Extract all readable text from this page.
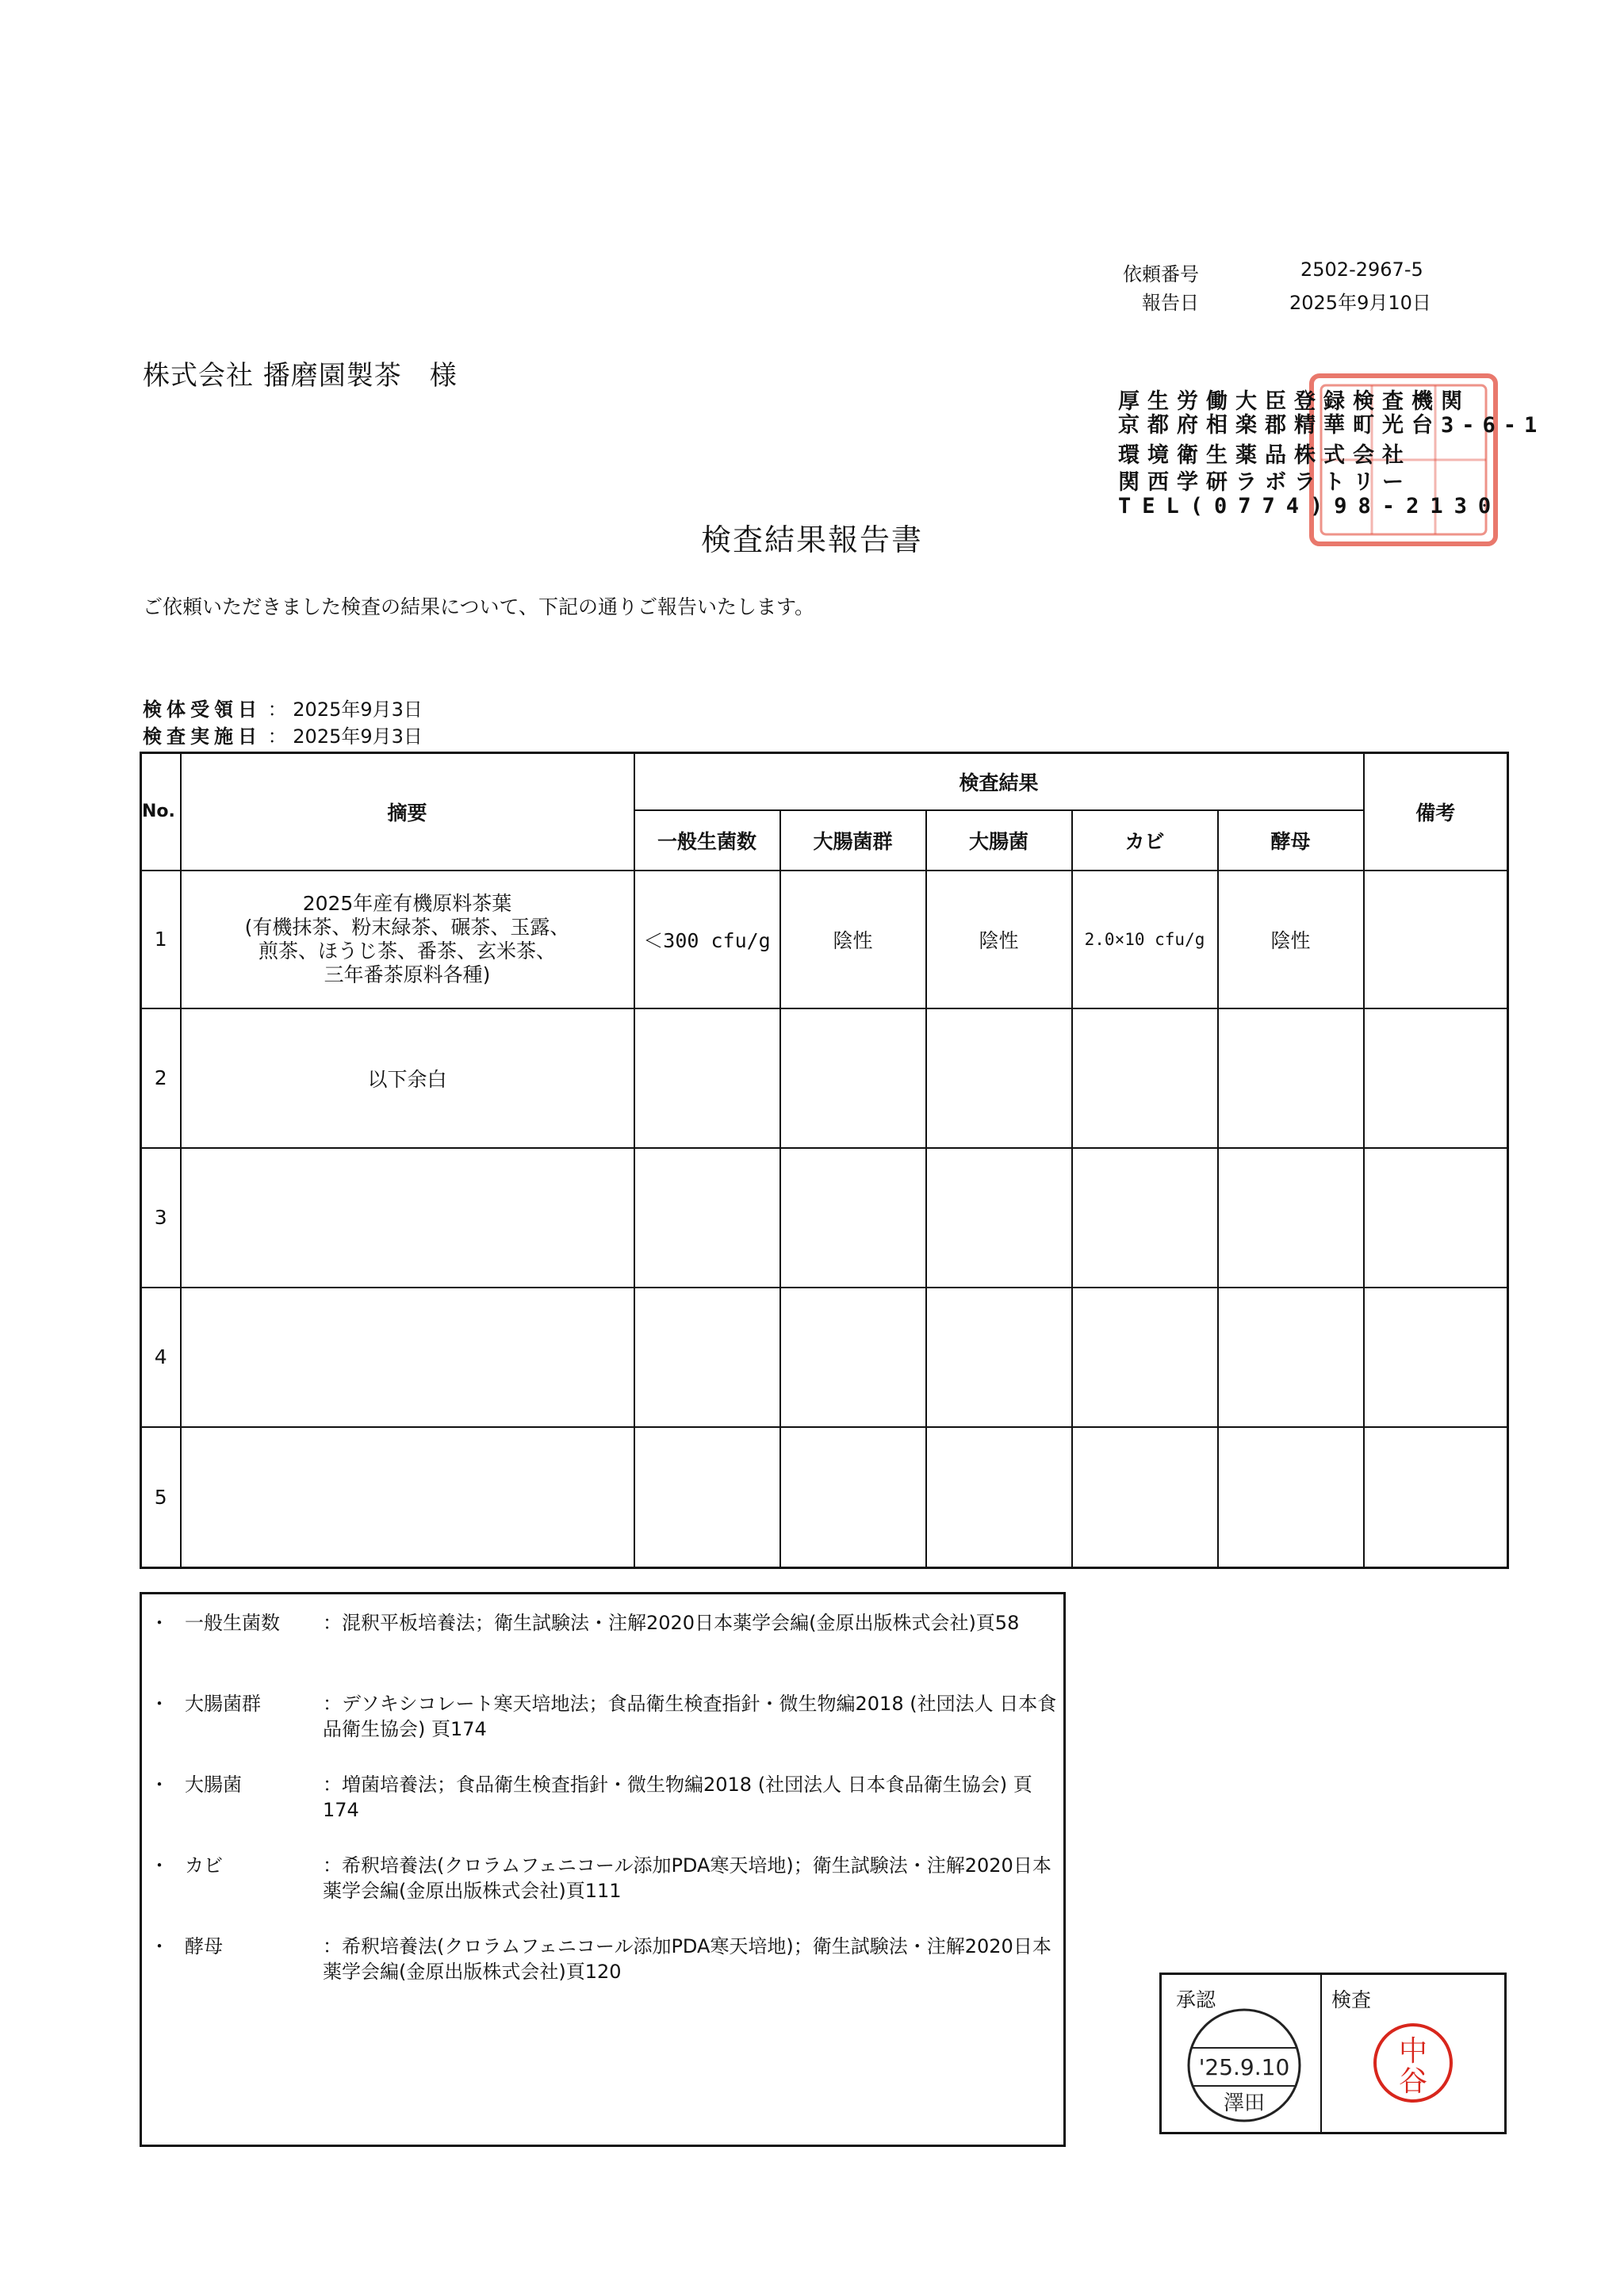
依頼番号	2502-2967-5
報告日	2025年9月10日
株式会社 播磨園製茶　様
厚生労働大臣登録検査機関
京都府相楽郡精華町光台3-6-1
環境衛生薬品株式会社
関西学研ラボラトリー
TEL(0774)98-2130
検査結果報告書
ご依頼いただきました検査の結果について、下記の通りご報告いたします。
検体受領日 ： 2025年9月3日
検査実施日 ： 2025年9月3日
No.	摘要	検査結果					備考
		一般生菌数	大腸菌群	大腸菌	カビ	酵母	
1	2025年産有機原料茶葉
(有機抹茶、粉末緑茶、碾茶、玉露、
煎茶、ほうじ茶、番茶、玄米茶、
三年番茶原料各種)	＜300 cfu/g	陰性	陰性	2.0×10 cfu/g	陰性	
2	以下余白						
3							
4							
5							
・ 一般生菌数	：混釈平板培養法；衛生試験法・注解2020日本薬学会編(金原出版株式会社)頁58
・ 大腸菌群	：デソキシコレート寒天培地法；食品衛生検査指針・微生物編2018 (社団法人 日本食品衛生協会) 頁174
・ 大腸菌	：増菌培養法；食品衛生検査指針・微生物編2018 (社団法人 日本食品衛生協会) 頁174
・ カビ	：希釈培養法(クロラムフェニコール添加PDA寒天培地)；衛生試験法・注解2020日本薬学会編(金原出版株式会社)頁111
・ 酵母	：希釈培養法(クロラムフェニコール添加PDA寒天培地)；衛生試験法・注解2020日本薬学会編(金原出版株式会社)頁120
承認	検査
'25.9.10
澤田
中
谷
